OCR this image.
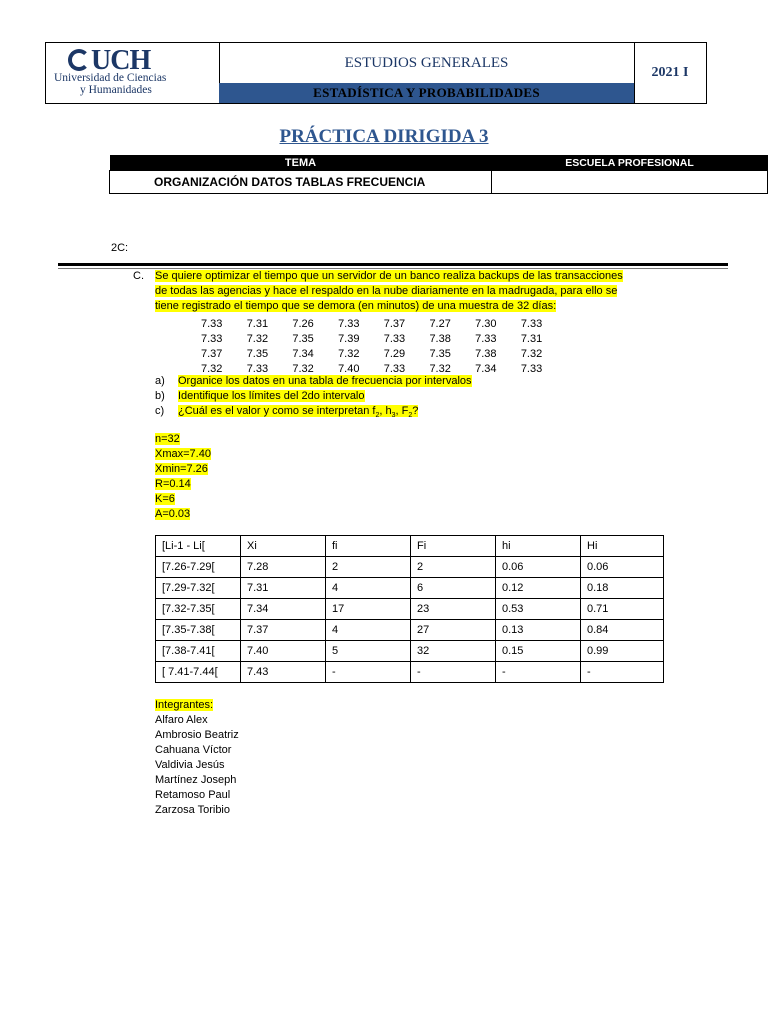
UCH
Universidad de Ciencias
y Humanidades
ESTUDIOS GENERALES
ESTADÍSTICA Y PROBABILIDADES
2021 I
PRÁCTICA DIRIGIDA 3
TEMA	ESCUELA PROFESIONAL
ORGANIZACIÓN DATOS TABLAS FRECUENCIA	
2C:
C. Se quiere optimizar el tiempo que un servidor de un banco realiza backups de las transacciones
de todas las agencias y hace el respaldo en la nube diariamente en la madrugada, para ello se
tiene registrado el tiempo que se demora (en minutos) de una muestra de 32 días:
7.33 7.31 7.26 7.33 7.37 7.27 7.30 7.33
7.33 7.32 7.35 7.39 7.33 7.38 7.33 7.31
7.37 7.35 7.34 7.32 7.29 7.35 7.38 7.32
7.32 7.33 7.32 7.40 7.33 7.32 7.34 7.33
a) Organice los datos en una tabla de frecuencia por intervalos
b) Identifique los límites del 2do intervalo
c) ¿Cuál es el valor y como se interpretan $f_2$, $h_3$, $F_2$?
n=32
Xmax=7.40
Xmin=7.26
R=0.14
K=6
A=0.03
[Li-1 - Li[	Xi	fi	Fi	hi	Hi
[7.26-7.29[	7.28	2	2	0.06	0.06
[7.29-7.32[	7.31	4	6	0.12	0.18
[7.32-7.35[	7.34	17	23	0.53	0.71
[7.35-7.38[	7.37	4	27	0.13	0.84
[7.38-7.41[	7.40	5	32	0.15	0.99
[ 7.41-7.44[	7.43	-	-	-	-
Integrantes:
Alfaro Alex
Ambrosio Beatriz
Cahuana Víctor
Valdivia Jesús
Martínez Joseph
Retamoso Paul
Zarzosa Toribio
